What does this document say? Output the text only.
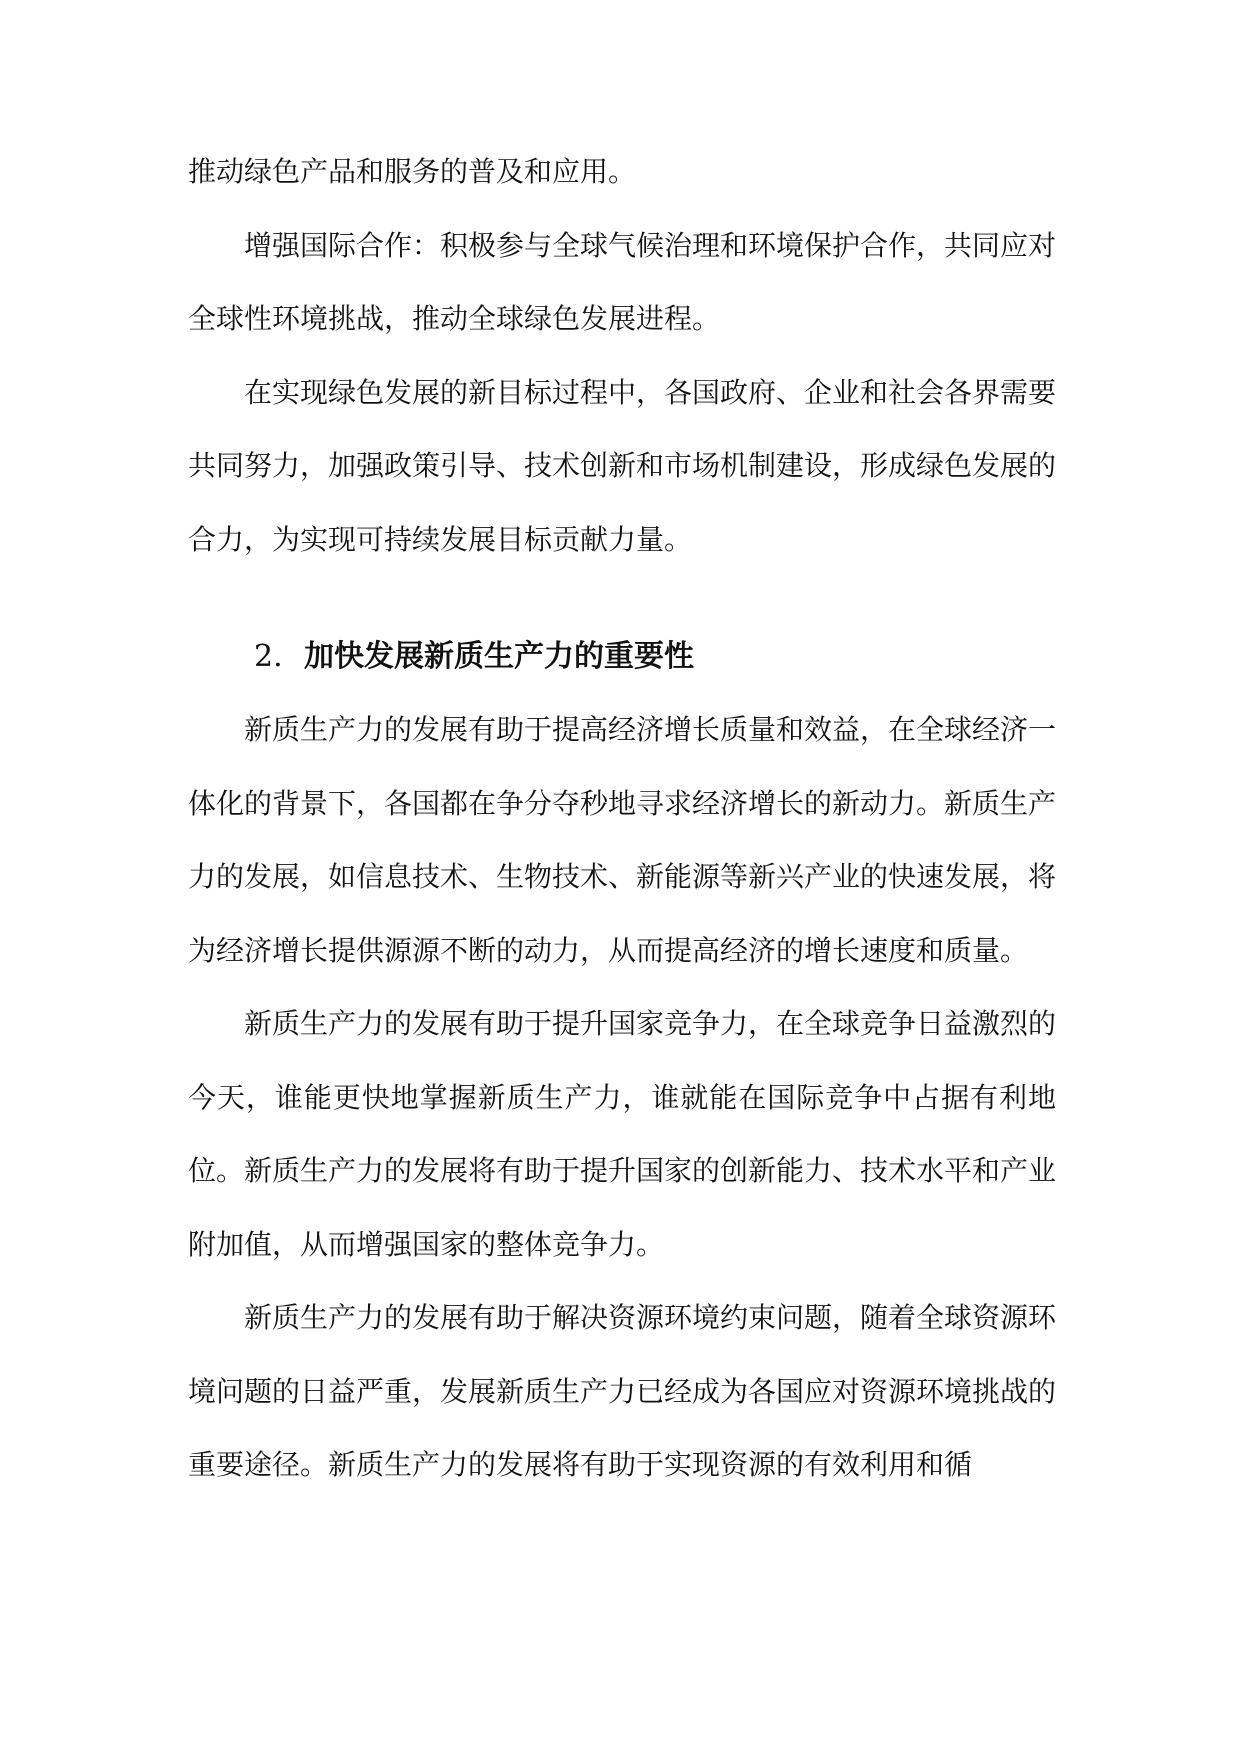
推动绿色产品和服务的普及和应用。

增强国际合作：积极参与全球气候治理和环境保护合作，共同应对全球性环境挑战，推动全球绿色发展进程。

在实现绿色发展的新目标过程中，各国政府、企业和社会各界需要共同努力，加强政策引导、技术创新和市场机制建设，形成绿色发展的合力，为实现可持续发展目标贡献力量。

2. 加快发展新质生产力的重要性

新质生产力的发展有助于提高经济增长质量和效益，在全球经济一体化的背景下，各国都在争分夺秒地寻求经济增长的新动力。新质生产力的发展，如信息技术、生物技术、新能源等新兴产业的快速发展，将为经济增长提供源源不断的动力，从而提高经济的增长速度和质量。

新质生产力的发展有助于提升国家竞争力，在全球竞争日益激烈的今天，谁能更快地掌握新质生产力，谁就能在国际竞争中占据有利地位。新质生产力的发展将有助于提升国家的创新能力、技术水平和产业附加值，从而增强国家的整体竞争力。

新质生产力的发展有助于解决资源环境约束问题，随着全球资源环境问题的日益严重，发展新质生产力已经成为各国应对资源环境挑战的重要途径。新质生产力的发展将有助于实现资源的有效利用和循
